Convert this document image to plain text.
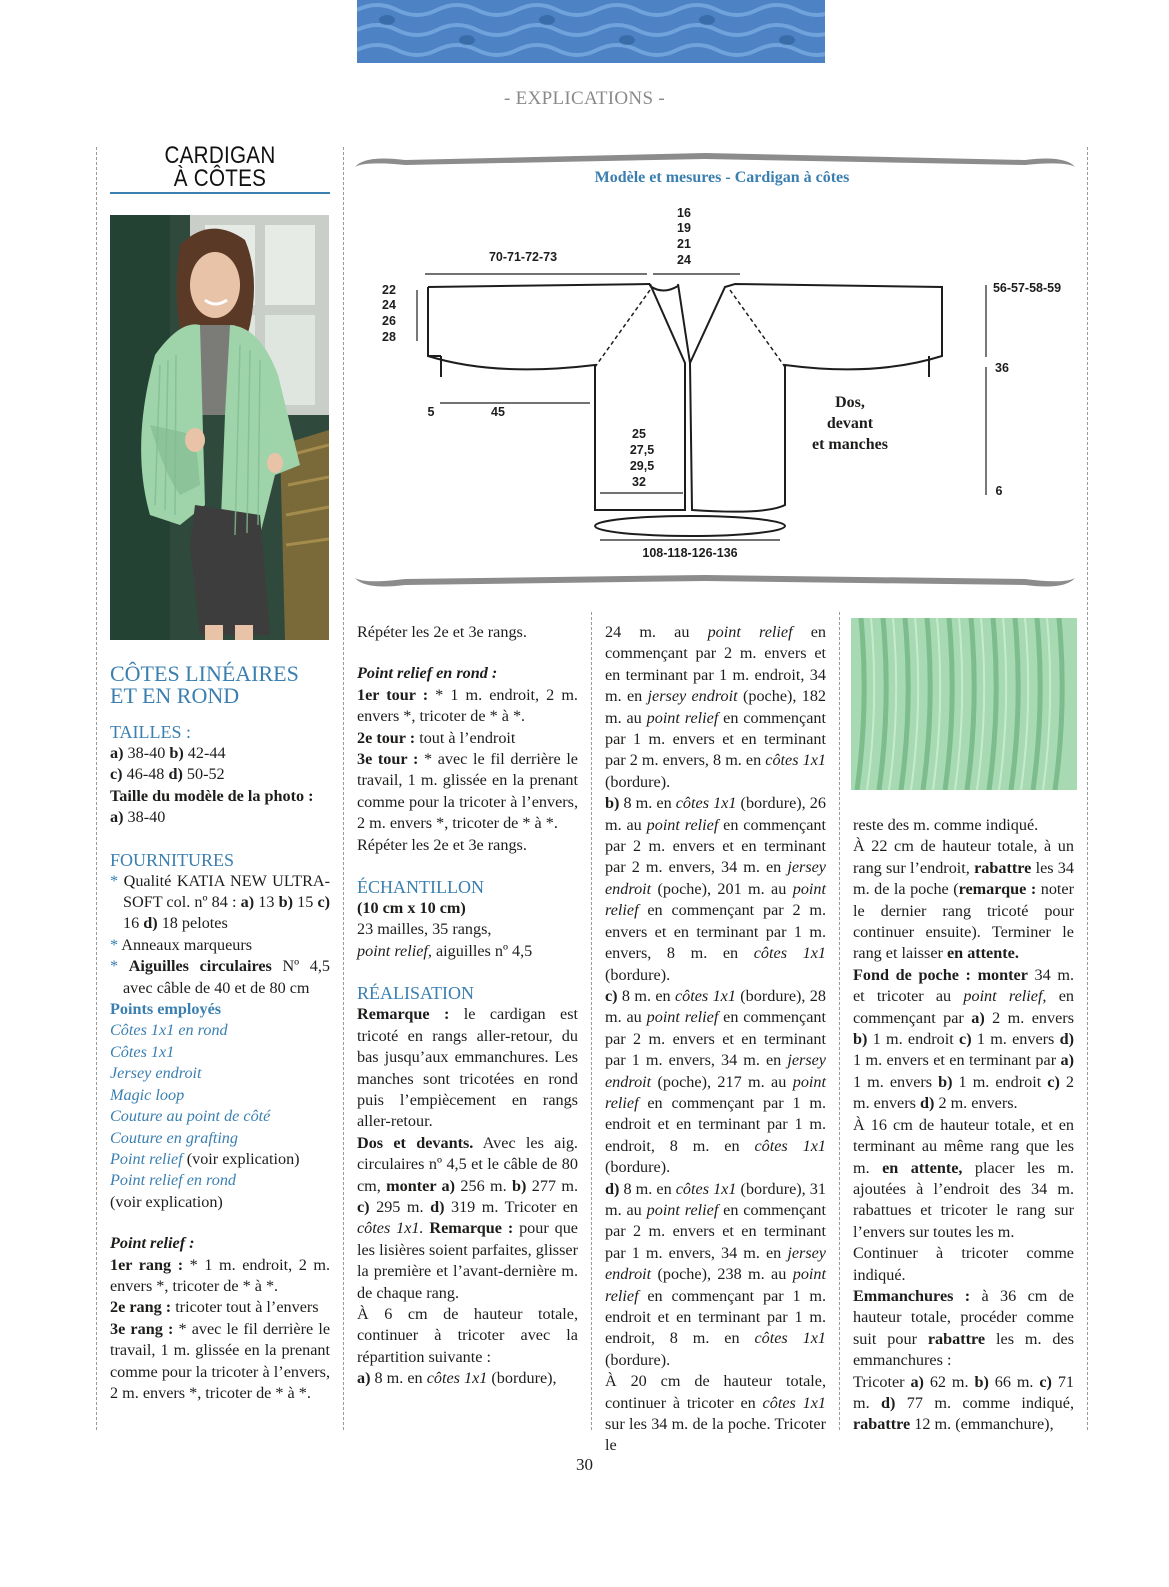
- EXPLICATIONS -
CARDIGAN
À CÔTES	Modèle et mesures - Cardigan à côtes
16
19
21
24
70-71-72-73
22
24
26
28
56-57-58-59
36
6
5	45
25
27,5
29,5
32
108-118-126-136
Dos,
devant
et manches
CÔTES LINÉAIRES
ET EN ROND
TAILLES :

a) 38-40 b) 42-44

c) 46-48 d) 50-52

Taille du modèle de la photo :

a) 38-40

FOURNITURES

* Qualité KATIA NEW ULTRA-SOFT col. nº 84 : a) 13 b) 15 c) 16 d) 18 pelotes

* Anneaux marqueurs

* Aiguilles circulaires Nº 4,5 avec câble de 40 et de 80 cm

Points employés

Côtes 1x1 en rond

Côtes 1x1

Jersey endroit

Magic loop

Couture au point de côté

Couture en grafting

Point relief (voir explication)

Point relief en rond

(voir explication)

Point relief :

1er rang : * 1 m. endroit, 2 m. envers *, tricoter de * à *.

2e rang : tricoter tout à l’envers

3e rang : * avec le fil derrière le travail, 1 m. glissée en la prenant comme pour la tricoter à l’envers, 2 m. envers *, tricoter de * à *.

Répéter les 2e et 3e rangs.

Point relief en rond :

1er tour : * 1 m. endroit, 2 m. envers *, tricoter de * à *.

2e tour : tout à l’endroit

3e tour : * avec le fil derrière le travail, 1 m. glissée en la prenant comme pour la tricoter à l’envers, 2 m. envers *, tricoter de * à *.

Répéter les 2e et 3e rangs.

ÉCHANTILLON

(10 cm x 10 cm)

23 mailles, 35 rangs,

point relief, aiguilles nº 4,5

RÉALISATION

Remarque : le cardigan est tricoté en rangs aller-retour, du bas jusqu’aux emmanchures. Les manches sont tricotées en rond puis l’empiècement en rangs aller-retour.

Dos et devants. Avec les aig. circulaires nº 4,5 et le câble de 80 cm, monter a) 256 m. b) 277 m. c) 295 m. d) 319 m. Tricoter en côtes 1x1. Remarque : pour que les lisières soient parfaites, glisser la première et l’avant-dernière m. de chaque rang.

À 6 cm de hauteur totale, continuer à tricoter avec la répartition suivante :

a) 8 m. en côtes 1x1 (bordure),

24 m. au point relief en commençant par 2 m. envers et en terminant par 1 m. endroit, 34 m. en jersey endroit (poche), 182 m. au point relief en commençant par 1 m. envers et en terminant par 2 m. envers, 8 m. en côtes 1x1 (bordure).

b) 8 m. en côtes 1x1 (bordure), 26 m. au point relief en commençant par 2 m. envers et en terminant par 2 m. envers, 34 m. en jersey endroit (poche), 201 m. au point relief en commençant par 2 m. envers et en terminant par 1 m. envers, 8 m. en côtes 1x1 (bordure).

c) 8 m. en côtes 1x1 (bordure), 28 m. au point relief en commençant par 2 m. envers et en terminant par 1 m. envers, 34 m. en jersey endroit (poche), 217 m. au point relief en commençant par 1 m. endroit et en terminant par 1 m. endroit, 8 m. en côtes 1x1 (bordure).

d) 8 m. en côtes 1x1 (bordure), 31 m. au point relief en commençant par 2 m. envers et en terminant par 1 m. envers, 34 m. en jersey endroit (poche), 238 m. au point relief en commençant par 1 m. endroit et en terminant par 1 m. endroit, 8 m. en côtes 1x1 (bordure).

À 20 cm de hauteur totale, continuer à tricoter en côtes 1x1 sur les 34 m. de la poche. Tricoter le

reste des m. comme indiqué.

À 22 cm de hauteur totale, à un rang sur l’endroit, rabattre les 34 m. de la poche (remarque : noter le dernier rang tricoté pour continuer ensuite). Terminer le rang et laisser en attente.

Fond de poche : monter 34 m. et tricoter au point relief, en commençant par a) 2 m. envers b) 1 m. endroit c) 1 m. envers d) 1 m. envers et en terminant par a) 1 m. envers b) 1 m. endroit c) 2 m. envers d) 2 m. envers.

À 16 cm de hauteur totale, et en terminant au même rang que les m. en attente, placer les m. ajoutées à l’endroit des 34 m. rabattues et tricoter le rang sur l’envers sur toutes les m.

Continuer à tricoter comme indiqué.

Emmanchures : à 36 cm de hauteur totale, procéder comme suit pour rabattre les m. des emmanchures :

Tricoter a) 62 m. b) 66 m. c) 71 m. d) 77 m. comme indiqué, rabattre 12 m. (emmanchure),

30
